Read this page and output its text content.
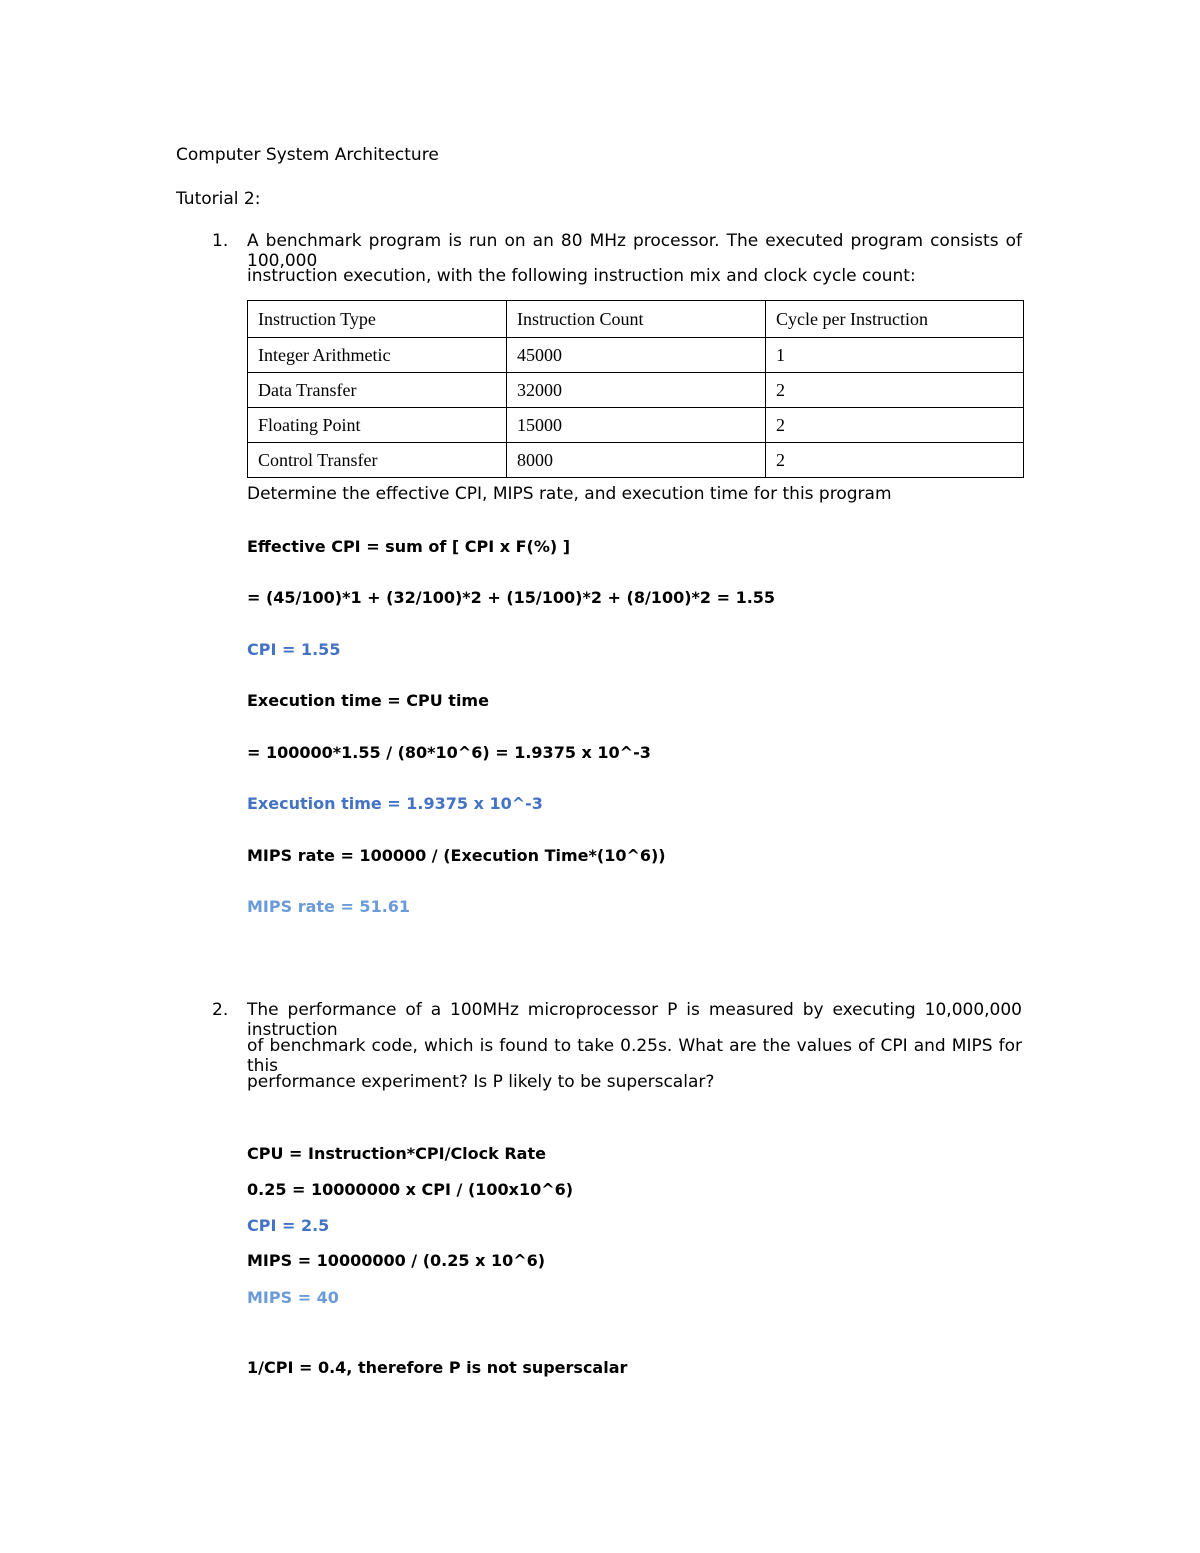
Computer System Architecture
Tutorial 2:
1.	A benchmark program is run on an 80 MHz processor. The executed program consists of 100,000
instruction execution, with the following instruction mix and clock cycle count:
Instruction Type	Instruction Count	Cycle per Instruction
Integer Arithmetic	45000	1
Data Transfer	32000	2
Floating Point	15000	2
Control Transfer	8000	2
Determine the effective CPI, MIPS rate, and execution time for this program
Effective CPI = sum of [ CPI x F(%) ]
= (45/100)*1 + (32/100)*2 + (15/100)*2 + (8/100)*2 = 1.55
CPI = 1.55
Execution time = CPU time
= 100000*1.55 / (80*10^6) = 1.9375 x 10^-3
Execution time = 1.9375 x 10^-3
MIPS rate = 100000 / (Execution Time*(10^6))
MIPS rate = 51.61
2.	The performance of a 100MHz microprocessor P is measured by executing 10,000,000 instruction
of benchmark code, which is found to take 0.25s. What are the values of CPI and MIPS for this
performance experiment? Is P likely to be superscalar?
CPU = Instruction*CPI/Clock Rate
0.25 = 10000000 x CPI / (100x10^6)
CPI = 2.5
MIPS = 10000000 / (0.25 x 10^6)
MIPS = 40
1/CPI = 0.4, therefore P is not superscalar
